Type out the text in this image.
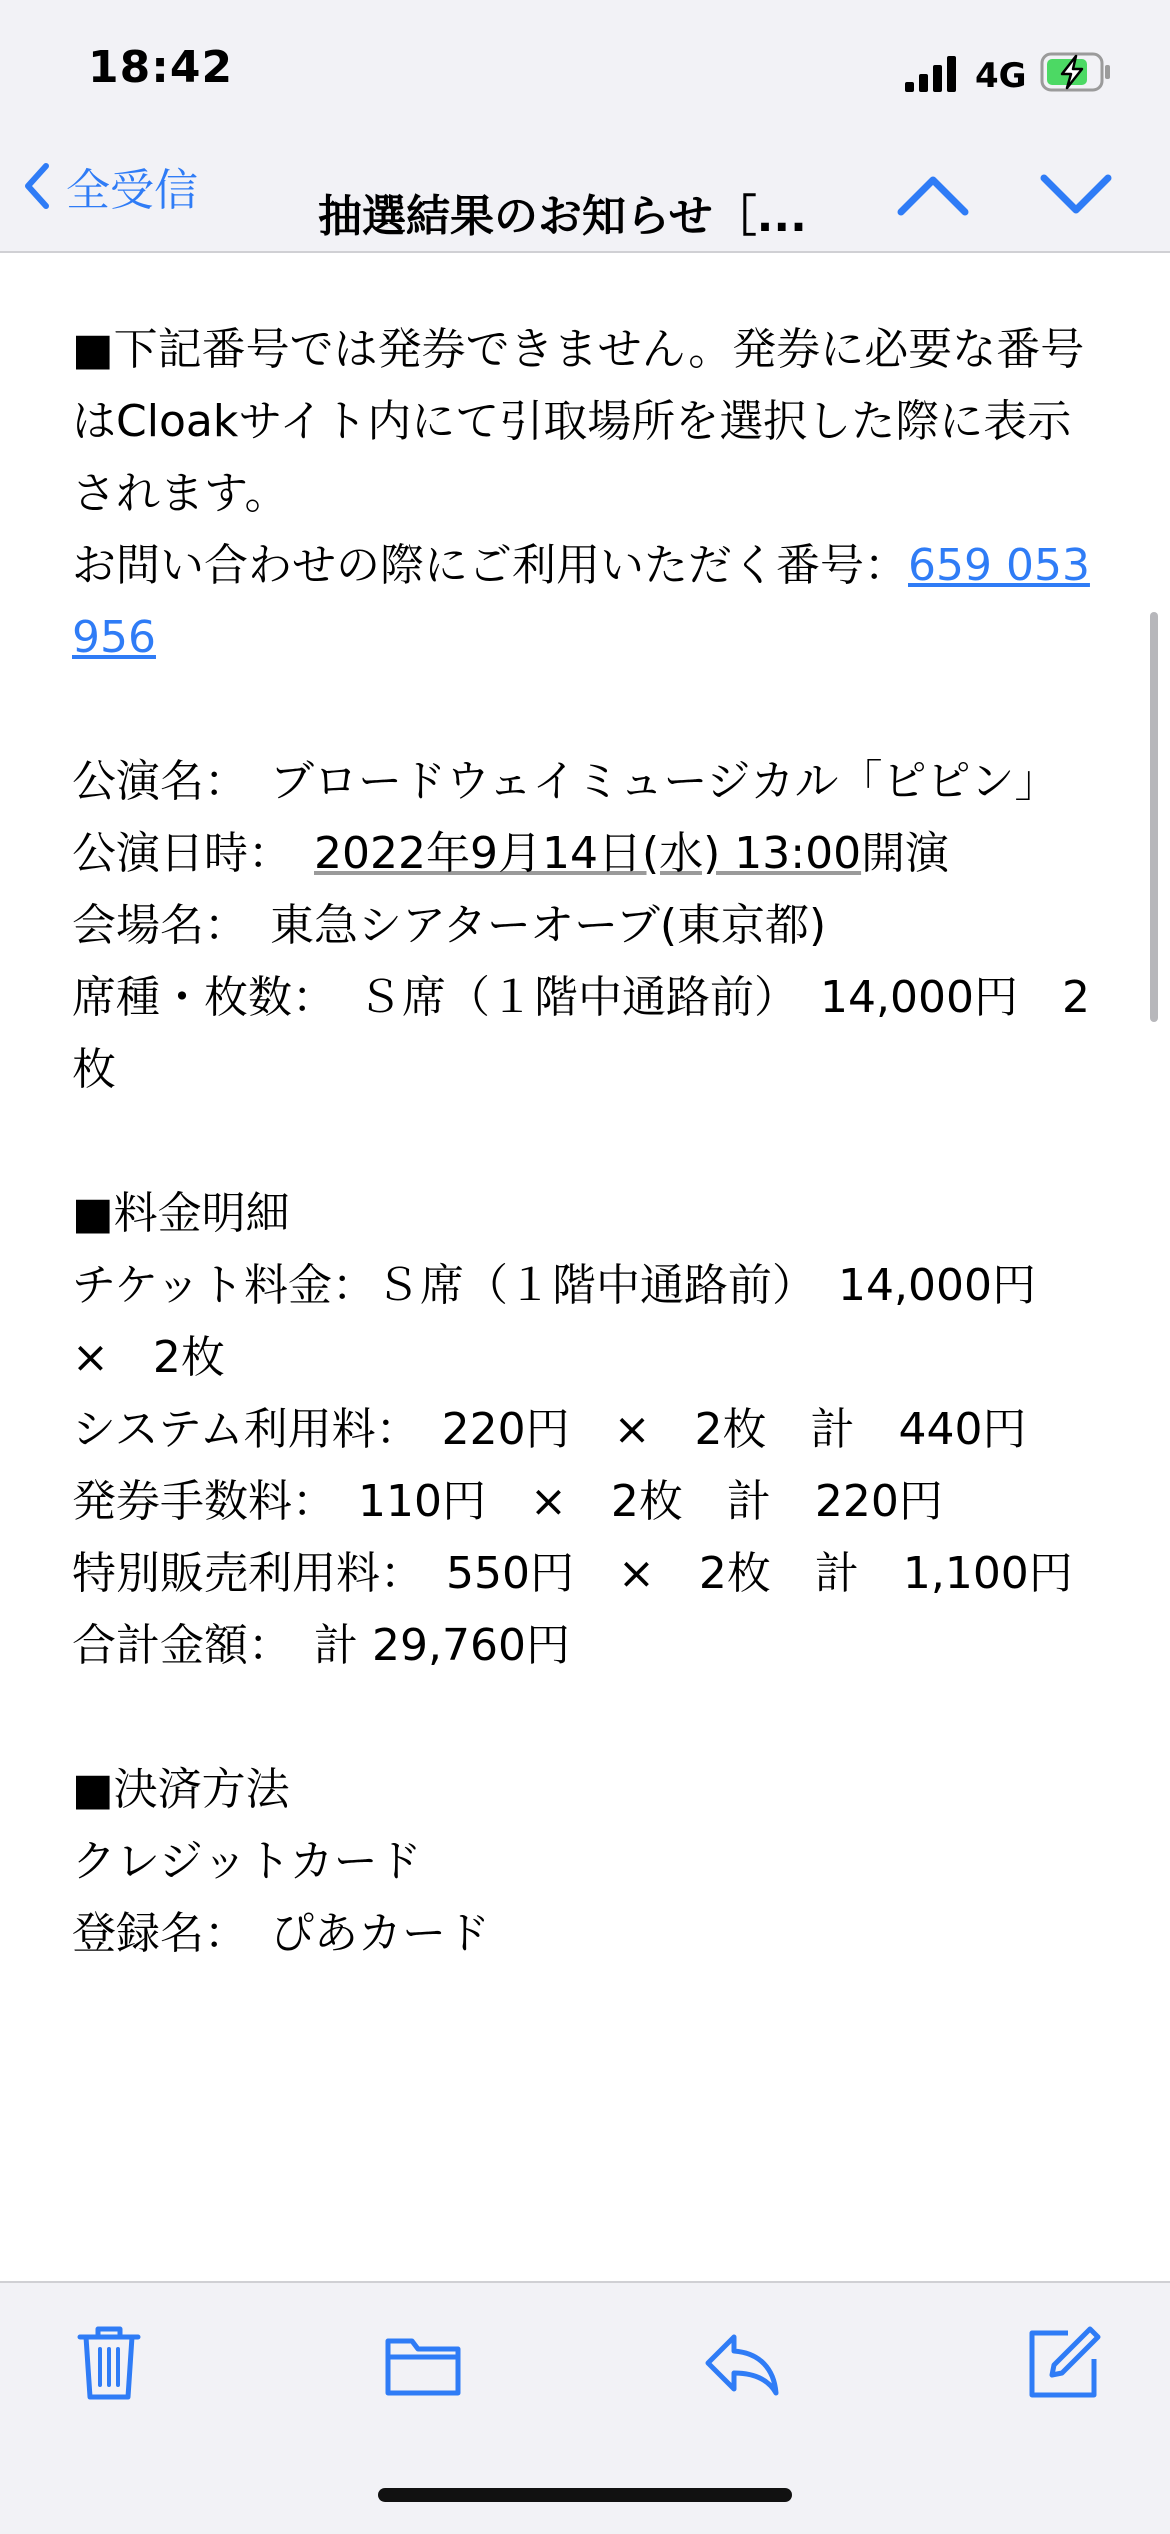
18:42	4G
全受信
抽選結果のお知らせ［...

■下記番号では発券できません。発券に必要な番号はCloakサイト内にて引取場所を選択した際に表示されます。

お問い合わせの際にご利用いただく番号：659 053 956

公演名：　 ブロードウェイミュージカル「ピピン」

公演日時：　 2022年9月14日(水) 13:00開演

会場名：　 東急シアターオーブ(東京都)

席種・枚数：　 Ｓ席（１階中通路前）　14,000円　2枚

■料金明細

チケット料金：Ｓ席（１階中通路前）　14,000円　×　2枚

システム利用料：　 220円　×　2枚　計　440円

発券手数料：　 110円　×　2枚　計　220円

特別販売利用料：　 550円　×　2枚　計　1,100円

合計金額：　 計 29,760円

■決済方法

クレジットカード

登録名：　 ぴあカード
